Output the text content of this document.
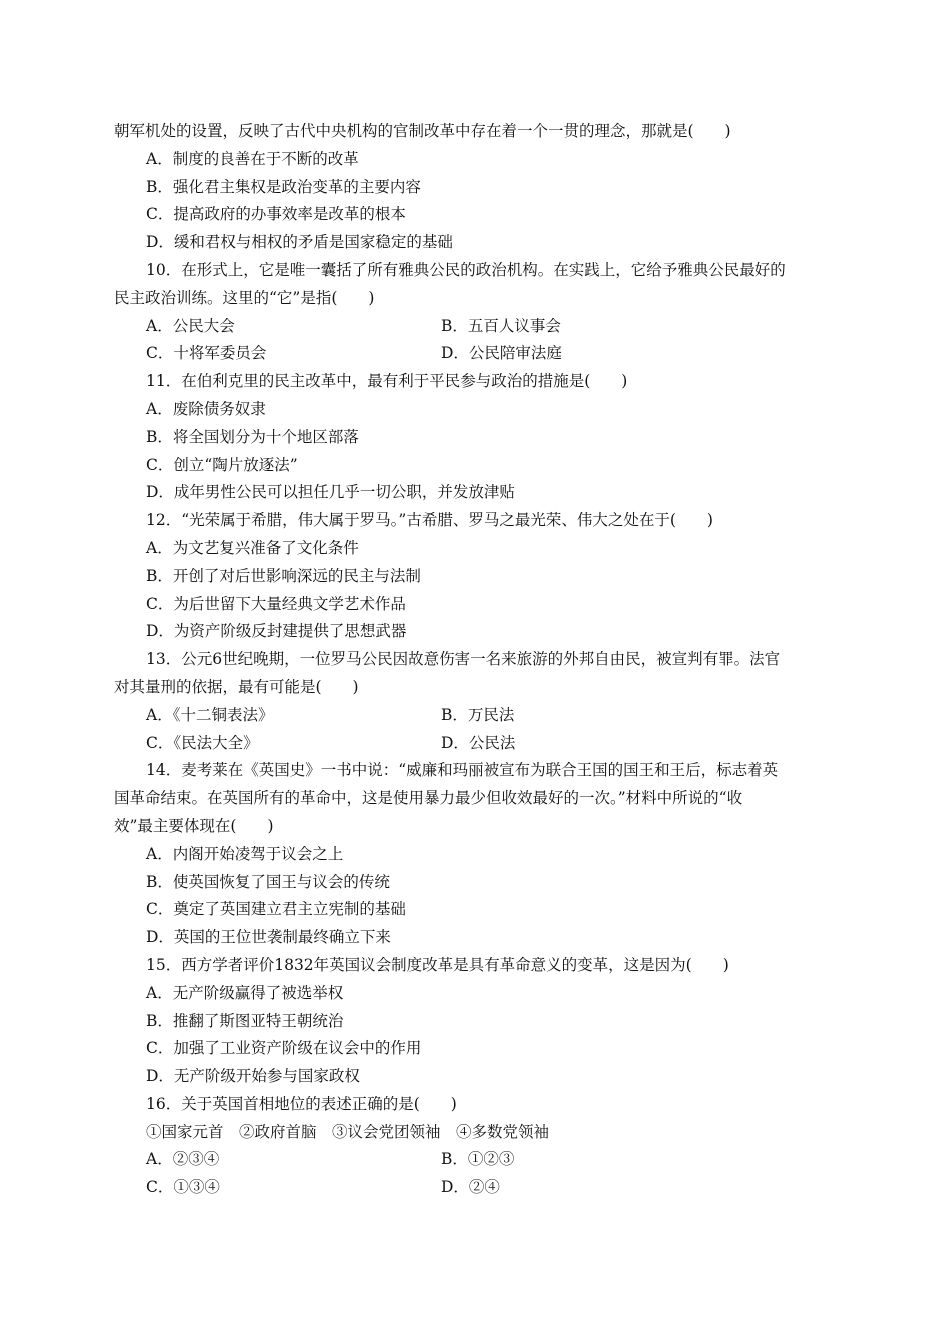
朝军机处的设置，反映了古代中央机构的官制改革中存在着一个一贯的理念，那就是(　　)
A．制度的良善在于不断的改革
B．强化君主集权是政治变革的主要内容
C．提高政府的办事效率是改革的根本
D．缓和君权与相权的矛盾是国家稳定的基础
10．在形式上，它是唯一囊括了所有雅典公民的政治机构。在实践上，它给予雅典公民最好的
民主政治训练。这里的“它”是指(　　)
A．公民大会	B．五百人议事会
C．十将军委员会	D．公民陪审法庭
11．在伯利克里的民主改革中，最有利于平民参与政治的措施是(　　)
A．废除债务奴隶
B．将全国划分为十个地区部落
C．创立“陶片放逐法”
D．成年男性公民可以担任几乎一切公职，并发放津贴
12．“光荣属于希腊，伟大属于罗马。”古希腊、罗马之最光荣、伟大之处在于(　　)
A．为文艺复兴准备了文化条件
B．开创了对后世影响深远的民主与法制
C．为后世留下大量经典文学艺术作品
D．为资产阶级反封建提供了思想武器
13．公元6世纪晚期，一位罗马公民因故意伤害一名来旅游的外邦自由民，被宣判有罪。法官
对其量刑的依据，最有可能是(　　)
A．《十二铜表法》	B．万民法
C．《民法大全》	D．公民法
14．麦考莱在《英国史》一书中说：“威廉和玛丽被宣布为联合王国的国王和王后，标志着英
国革命结束。在英国所有的革命中，这是使用暴力最少但收效最好的一次。”材料中所说的“收
效”最主要体现在(　　)
A．内阁开始凌驾于议会之上
B．使英国恢复了国王与议会的传统
C．奠定了英国建立君主立宪制的基础
D．英国的王位世袭制最终确立下来
15．西方学者评价1832年英国议会制度改革是具有革命意义的变革，这是因为(　　)
A．无产阶级赢得了被选举权
B．推翻了斯图亚特王朝统治
C．加强了工业资产阶级在议会中的作用
D．无产阶级开始参与国家政权
16．关于英国首相地位的表述正确的是(　　)
①国家元首　②政府首脑　③议会党团领袖　④多数党领袖
A．②③④	B．①②③
C．①③④	D．②④
